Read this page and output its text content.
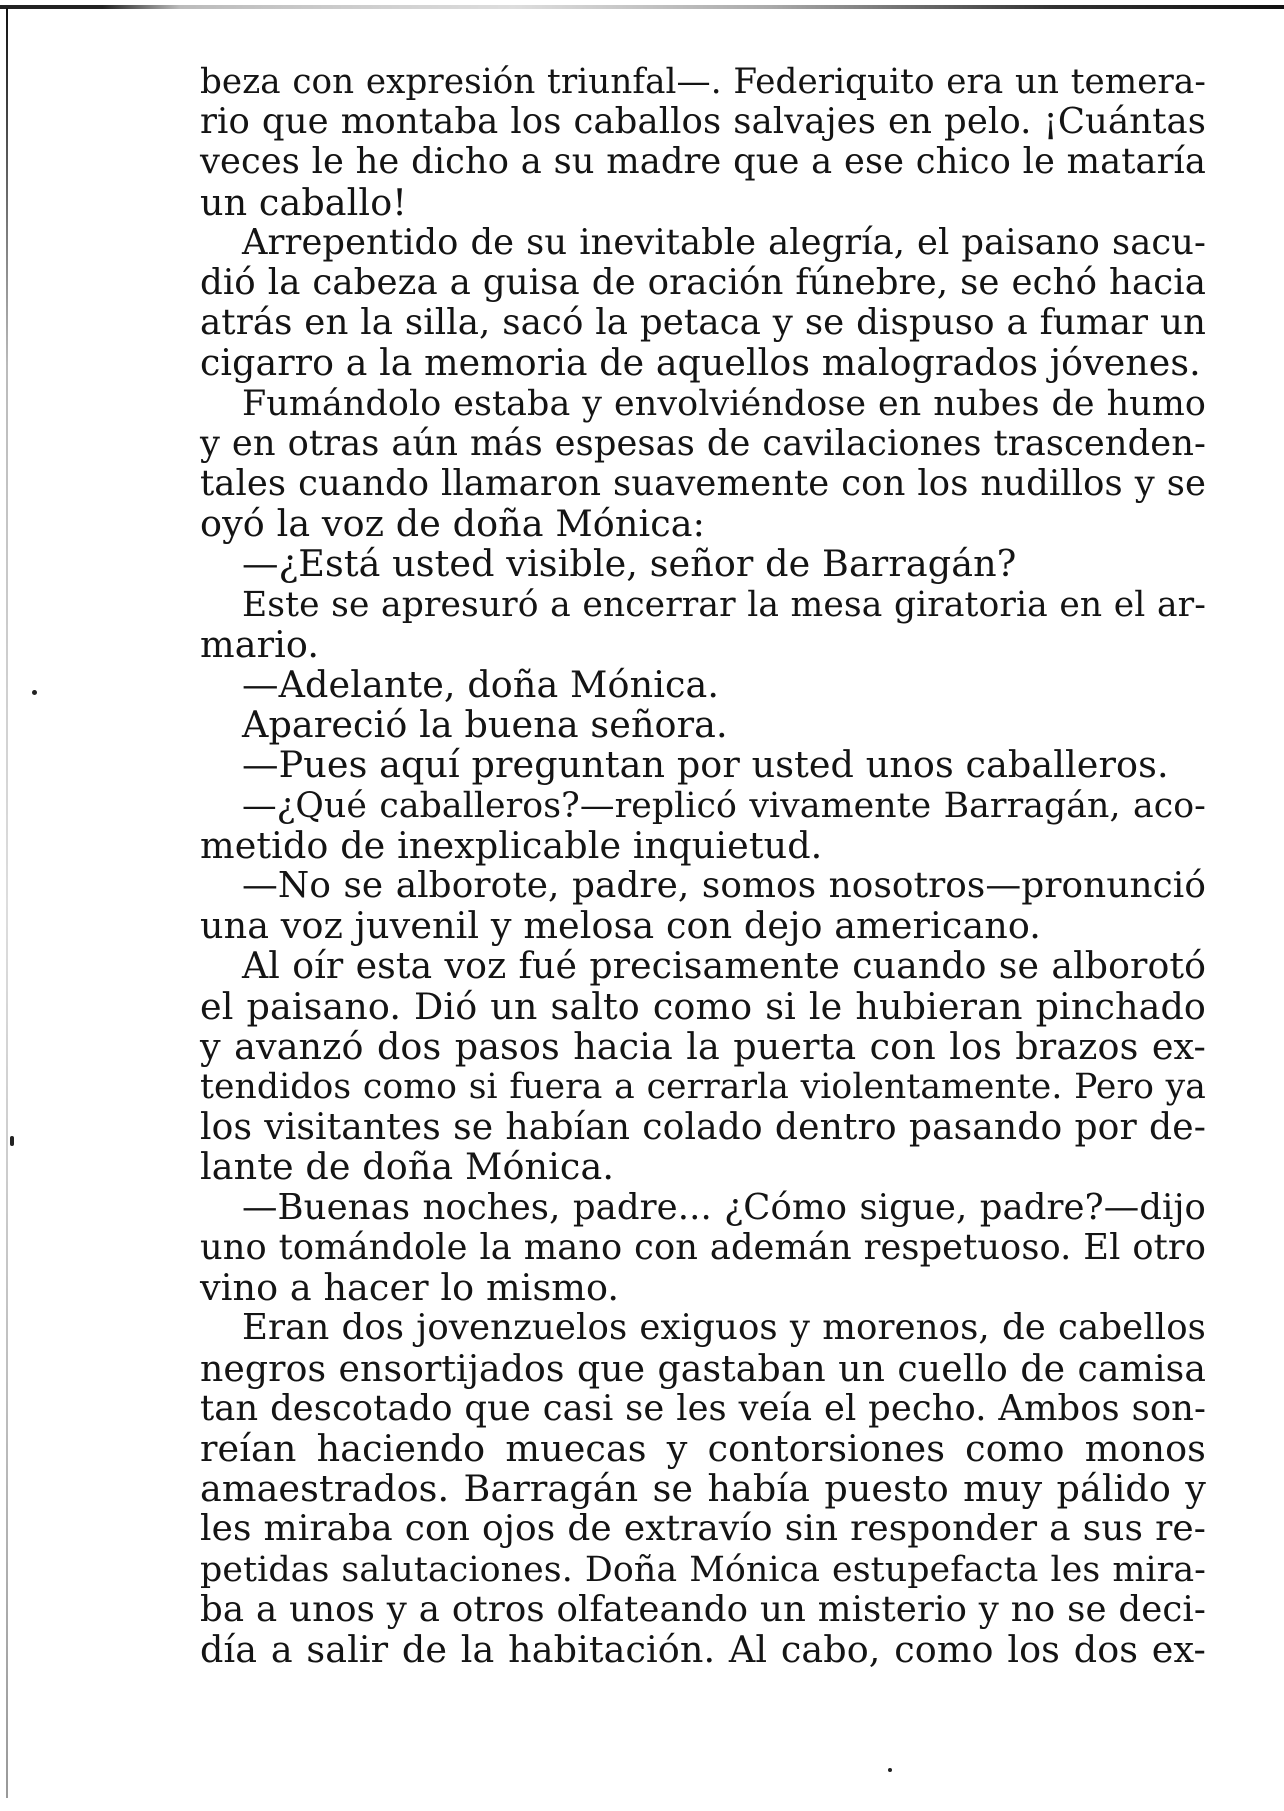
beza con expresión triunfal—. Federiquito era un temera-
rio que montaba los caballos salvajes en pelo. ¡Cuántas
veces le he dicho a su madre que a ese chico le mataría
un caballo!
Arrepentido de su inevitable alegría, el paisano sacu-
dió la cabeza a guisa de oración fúnebre, se echó hacia
atrás en la silla, sacó la petaca y se dispuso a fumar un
cigarro a la memoria de aquellos malogrados jóvenes.
Fumándolo estaba y envolviéndose en nubes de humo
y en otras aún más espesas de cavilaciones trascenden-
tales cuando llamaron suavemente con los nudillos y se
oyó la voz de doña Mónica:
—¿Está usted visible, señor de Barragán?
Este se apresuró a encerrar la mesa giratoria en el ar-
mario.
—Adelante, doña Mónica.
Apareció la buena señora.
—Pues aquí preguntan por usted unos caballeros.
—¿Qué caballeros?—replicó vivamente Barragán, aco-
metido de inexplicable inquietud.
—No se alborote, padre, somos nosotros—pronunció
una voz juvenil y melosa con dejo americano.
Al oír esta voz fué precisamente cuando se alborotó
el paisano. Dió un salto como si le hubieran pinchado
y avanzó dos pasos hacia la puerta con los brazos ex-
tendidos como si fuera a cerrarla violentamente. Pero ya
los visitantes se habían colado dentro pasando por de-
lante de doña Mónica.
—Buenas noches, padre... ¿Cómo sigue, padre?—dijo
uno tomándole la mano con ademán respetuoso. El otro
vino a hacer lo mismo.
Eran dos jovenzuelos exiguos y morenos, de cabellos
negros ensortijados que gastaban un cuello de camisa
tan descotado que casi se les veía el pecho. Ambos son-
reían haciendo muecas y contorsiones como monos
amaestrados. Barragán se había puesto muy pálido y
les miraba con ojos de extravío sin responder a sus re-
petidas salutaciones. Doña Mónica estupefacta les mira-
ba a unos y a otros olfateando un misterio y no se deci-
día a salir de la habitación. Al cabo, como los dos ex-
